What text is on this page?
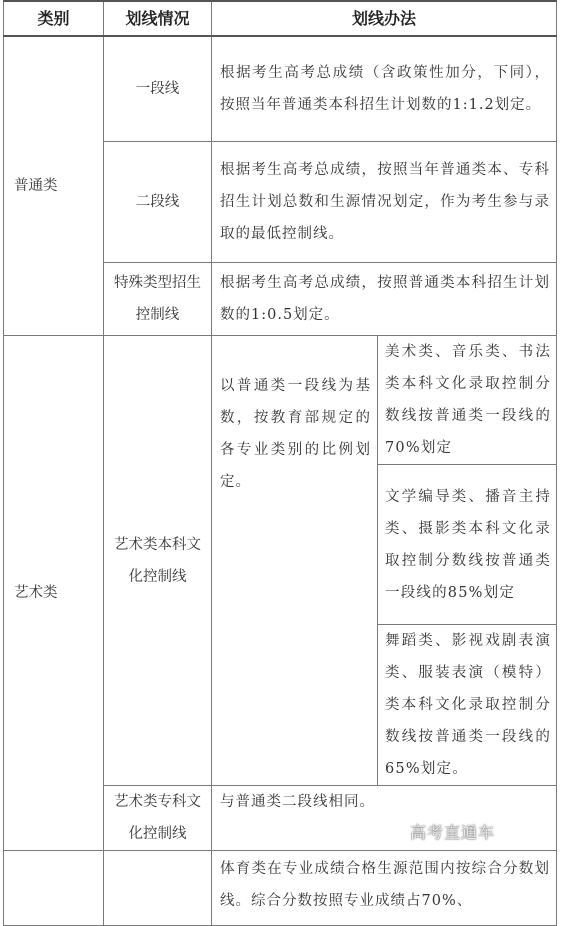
类别	划线情况	划线办法	
普通类	一段线	根据考生高考总成绩（含政策性加分，下同），按照当年普通类本科招生计划数的1:1.2划定。	
	二段线	根据考生高考总成绩，按照当年普通类本、专科招生计划总数和生源情况划定，作为考生参与录取的最低控制线。	
	特殊类型招生控制线	根据考生高考总成绩，按照普通类本科招生计划数的1:0.5划定。	
艺术类	艺术类本科文化控制线	以普通类一段线为基数，按教育部规定的各专业类别的比例划定。	美术类、音乐类、书法类本科文化录取控制分数线按普通类一段线的70%划定
			文学编导类、播音主持类、摄影类本科文化录取控制分数线按普通类一段线的85%划定
			舞蹈类、影视戏剧表演类、服装表演（模特）类本科文化录取控制分数线按普通类一段线的65%划定。
	艺术类专科文化控制线	与普通类二段线相同。	
		体育类在专业成绩合格生源范围内按综合分数划线。综合分数按照专业成绩占70%、	
高考直通车
